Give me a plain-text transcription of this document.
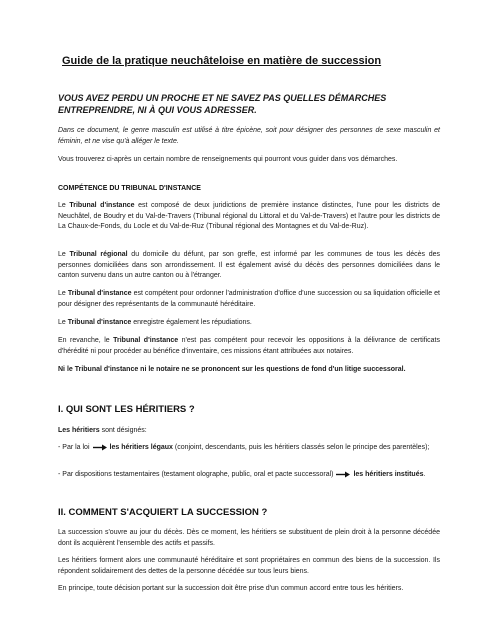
Guide de la pratique neuchâteloise en matière de succession
VOUS AVEZ PERDU UN PROCHE ET NE SAVEZ PAS QUELLES DÉMARCHES ENTREPRENDRE, NI À QUI VOUS ADRESSER.
Dans ce document, le genre masculin est utilisé à titre épicène, soit pour désigner des personnes de sexe masculin et féminin, et ne vise qu'à alléger le texte.
Vous trouverez ci-après un certain nombre de renseignements qui pourront vous guider dans vos démarches.
COMPÉTENCE DU TRIBUNAL D'INSTANCE
Le Tribunal d'instance est composé de deux juridictions de première instance distinctes, l'une pour les districts de Neuchâtel, de Boudry et du Val-de-Travers (Tribunal régional du Littoral et du Val-de-Travers) et l'autre pour les districts de La Chaux-de-Fonds, du Locle et du Val-de-Ruz (Tribunal régional des Montagnes et du Val-de-Ruz).
Le Tribunal régional du domicile du défunt, par son greffe, est informé par les communes de tous les décès des personnes domiciliées dans son arrondissement. Il est également avisé du décès des personnes domiciliées dans le canton survenu dans un autre canton ou à l'étranger.
Le Tribunal d'instance est compétent pour ordonner l'administration d'office d'une succession ou sa liquidation officielle et pour désigner des représentants de la communauté héréditaire.
Le Tribunal d'instance enregistre également les répudiations.
En revanche, le Tribunal d'instance n'est pas compétent pour recevoir les oppositions à la délivrance de certificats d'hérédité ni pour procéder au bénéfice d'inventaire, ces missions étant attribuées aux notaires.
Ni le Tribunal d'instance ni le notaire ne se prononcent sur les questions de fond d'un litige successoral.
I. QUI SONT LES HÉRITIERS ?
Les héritiers sont désignés:
- Par la loi	les héritiers légaux (conjoint, descendants, puis les héritiers classés selon le principe des parentèles);
- Par dispositions testamentaires (testament olographe, public, oral et pacte successoral)	les héritiers institués.
II. COMMENT S'ACQUIERT LA SUCCESSION ?
La succession s'ouvre au jour du décès. Dès ce moment, les héritiers se substituent de plein droit à la personne décédée dont ils acquièrent l'ensemble des actifs et passifs.
Les héritiers forment alors une communauté héréditaire et sont propriétaires en commun des biens de la succession. Ils répondent solidairement des dettes de la personne décédée sur tous leurs biens.
En principe, toute décision portant sur la succession doit être prise d'un commun accord entre tous les héritiers.
